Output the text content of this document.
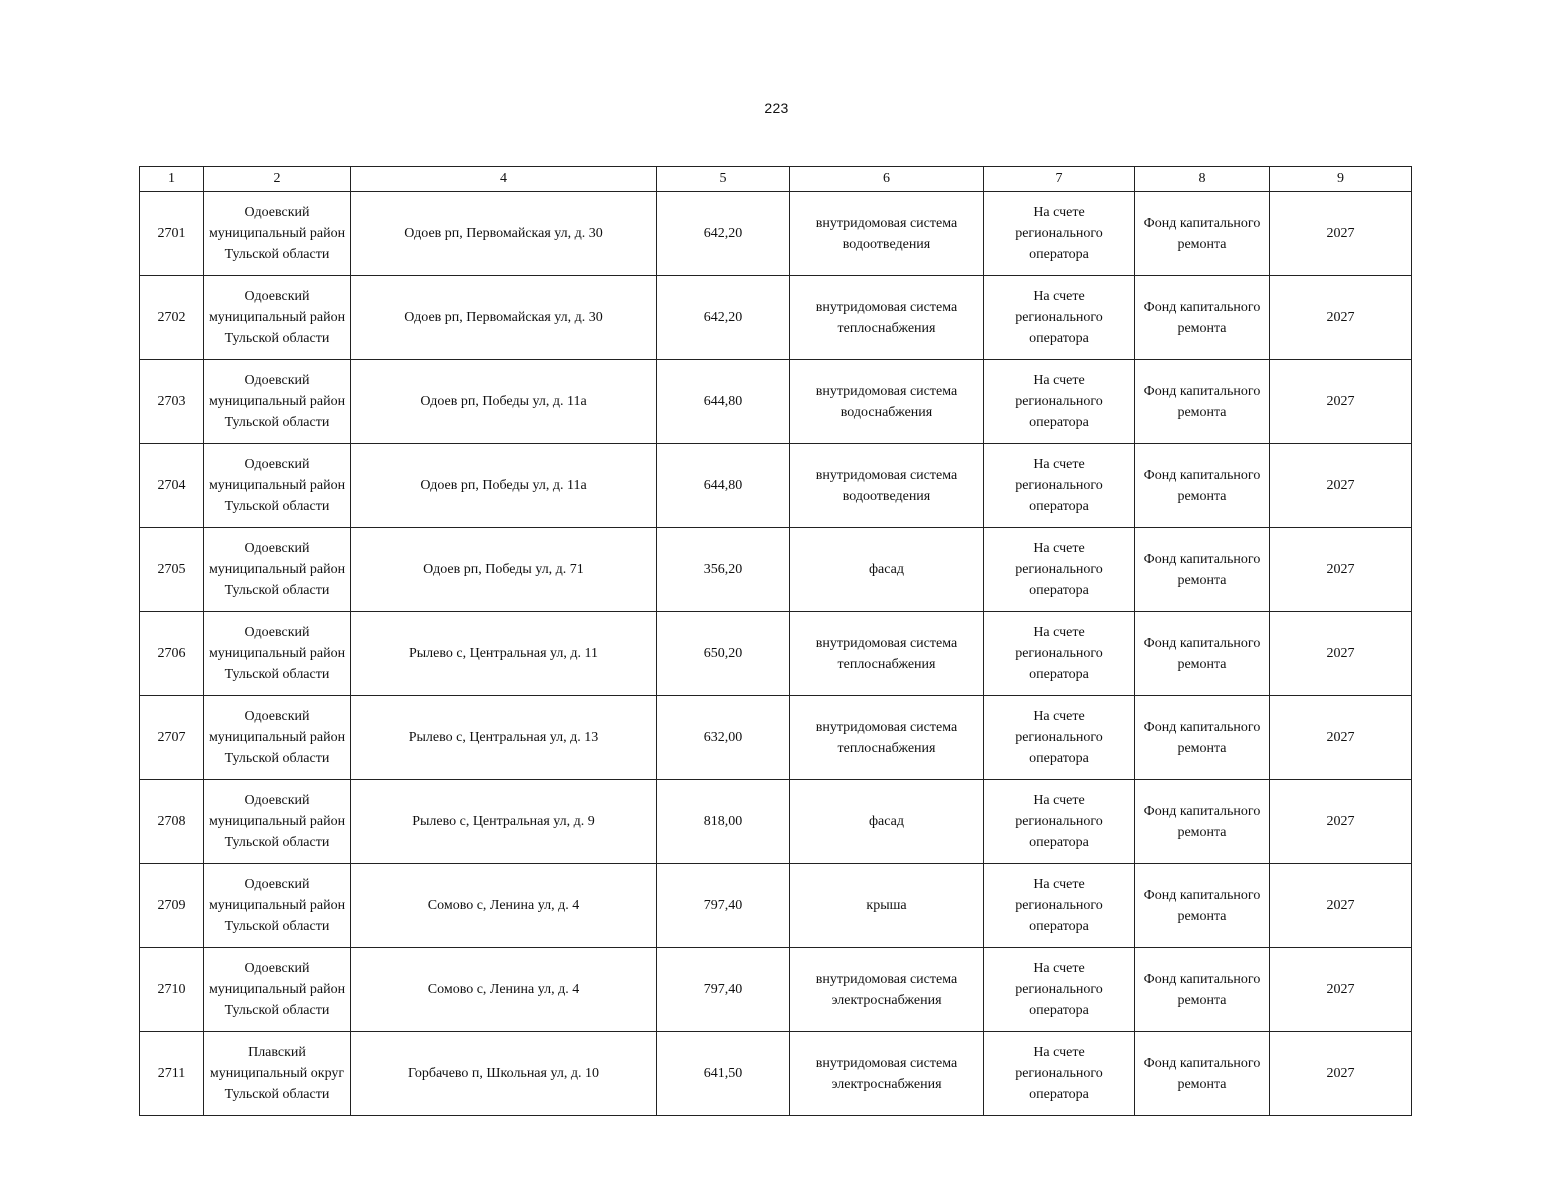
223
1	2	4	5	6	7	8	9
2701	Одоевский муниципальный район Тульской области	Одоев рп, Первомайская ул, д. 30	642,20	внутридомовая система водоотведения	На счете регионального оператора	Фонд капитального ремонта	2027
2702	Одоевский муниципальный район Тульской области	Одоев рп, Первомайская ул, д. 30	642,20	внутридомовая система теплоснабжения	На счете регионального оператора	Фонд капитального ремонта	2027
2703	Одоевский муниципальный район Тульской области	Одоев рп, Победы ул, д. 11а	644,80	внутридомовая система водоснабжения	На счете регионального оператора	Фонд капитального ремонта	2027
2704	Одоевский муниципальный район Тульской области	Одоев рп, Победы ул, д. 11а	644,80	внутридомовая система водоотведения	На счете регионального оператора	Фонд капитального ремонта	2027
2705	Одоевский муниципальный район Тульской области	Одоев рп, Победы ул, д. 71	356,20	фасад	На счете регионального оператора	Фонд капитального ремонта	2027
2706	Одоевский муниципальный район Тульской области	Рылево с, Центральная ул, д. 11	650,20	внутридомовая система теплоснабжения	На счете регионального оператора	Фонд капитального ремонта	2027
2707	Одоевский муниципальный район Тульской области	Рылево с, Центральная ул, д. 13	632,00	внутридомовая система теплоснабжения	На счете регионального оператора	Фонд капитального ремонта	2027
2708	Одоевский муниципальный район Тульской области	Рылево с, Центральная ул, д. 9	818,00	фасад	На счете регионального оператора	Фонд капитального ремонта	2027
2709	Одоевский муниципальный район Тульской области	Сомово с, Ленина ул, д. 4	797,40	крыша	На счете регионального оператора	Фонд капитального ремонта	2027
2710	Одоевский муниципальный район Тульской области	Сомово с, Ленина ул, д. 4	797,40	внутридомовая система электроснабжения	На счете регионального оператора	Фонд капитального ремонта	2027
2711	Плавский муниципальный округ Тульской области	Горбачево п, Школьная ул, д. 10	641,50	внутридомовая система электроснабжения	На счете регионального оператора	Фонд капитального ремонта	2027
